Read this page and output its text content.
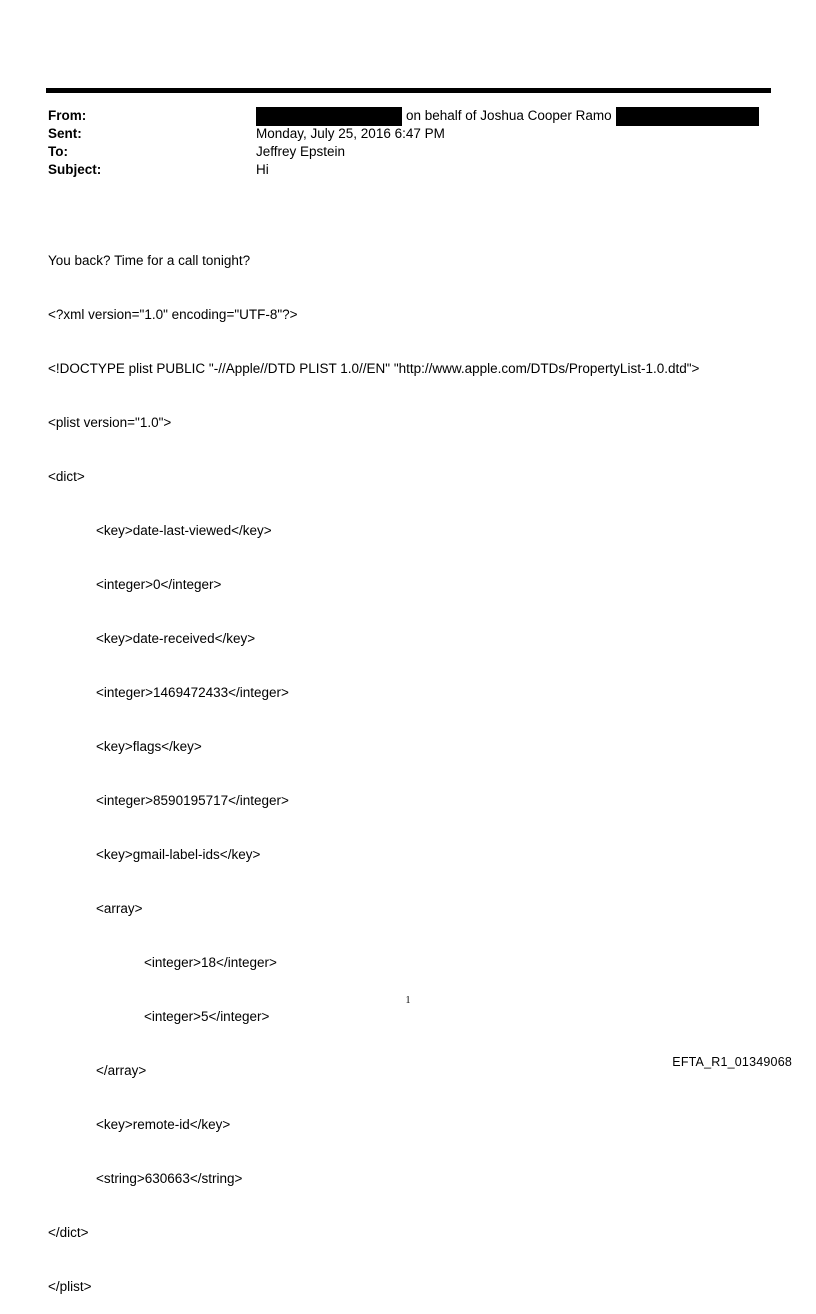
From:	on behalf of Joshua Cooper Ramo
Sent:	Monday, July 25, 2016 6:47 PM
To:	Jeffrey Epstein
Subject:	Hi

You back? Time for a call tonight?

<?xml version="1.0" encoding="UTF-8"?>

<!DOCTYPE plist PUBLIC "-//Apple//DTD PLIST 1.0//EN" "http://www.apple.com/DTDs/PropertyList-1.0.dtd">

<plist version="1.0">

<dict>

<key>date-last-viewed</key>

<integer>0</integer>

<key>date-received</key>

<integer>1469472433</integer>

<key>flags</key>

<integer>8590195717</integer>

<key>gmail-label-ids</key>

<array>

<integer>18</integer>

<integer>5</integer>

</array>

<key>remote-id</key>

<string>630663</string>

</dict>

</plist>

1
EFTA_R1_01349068
